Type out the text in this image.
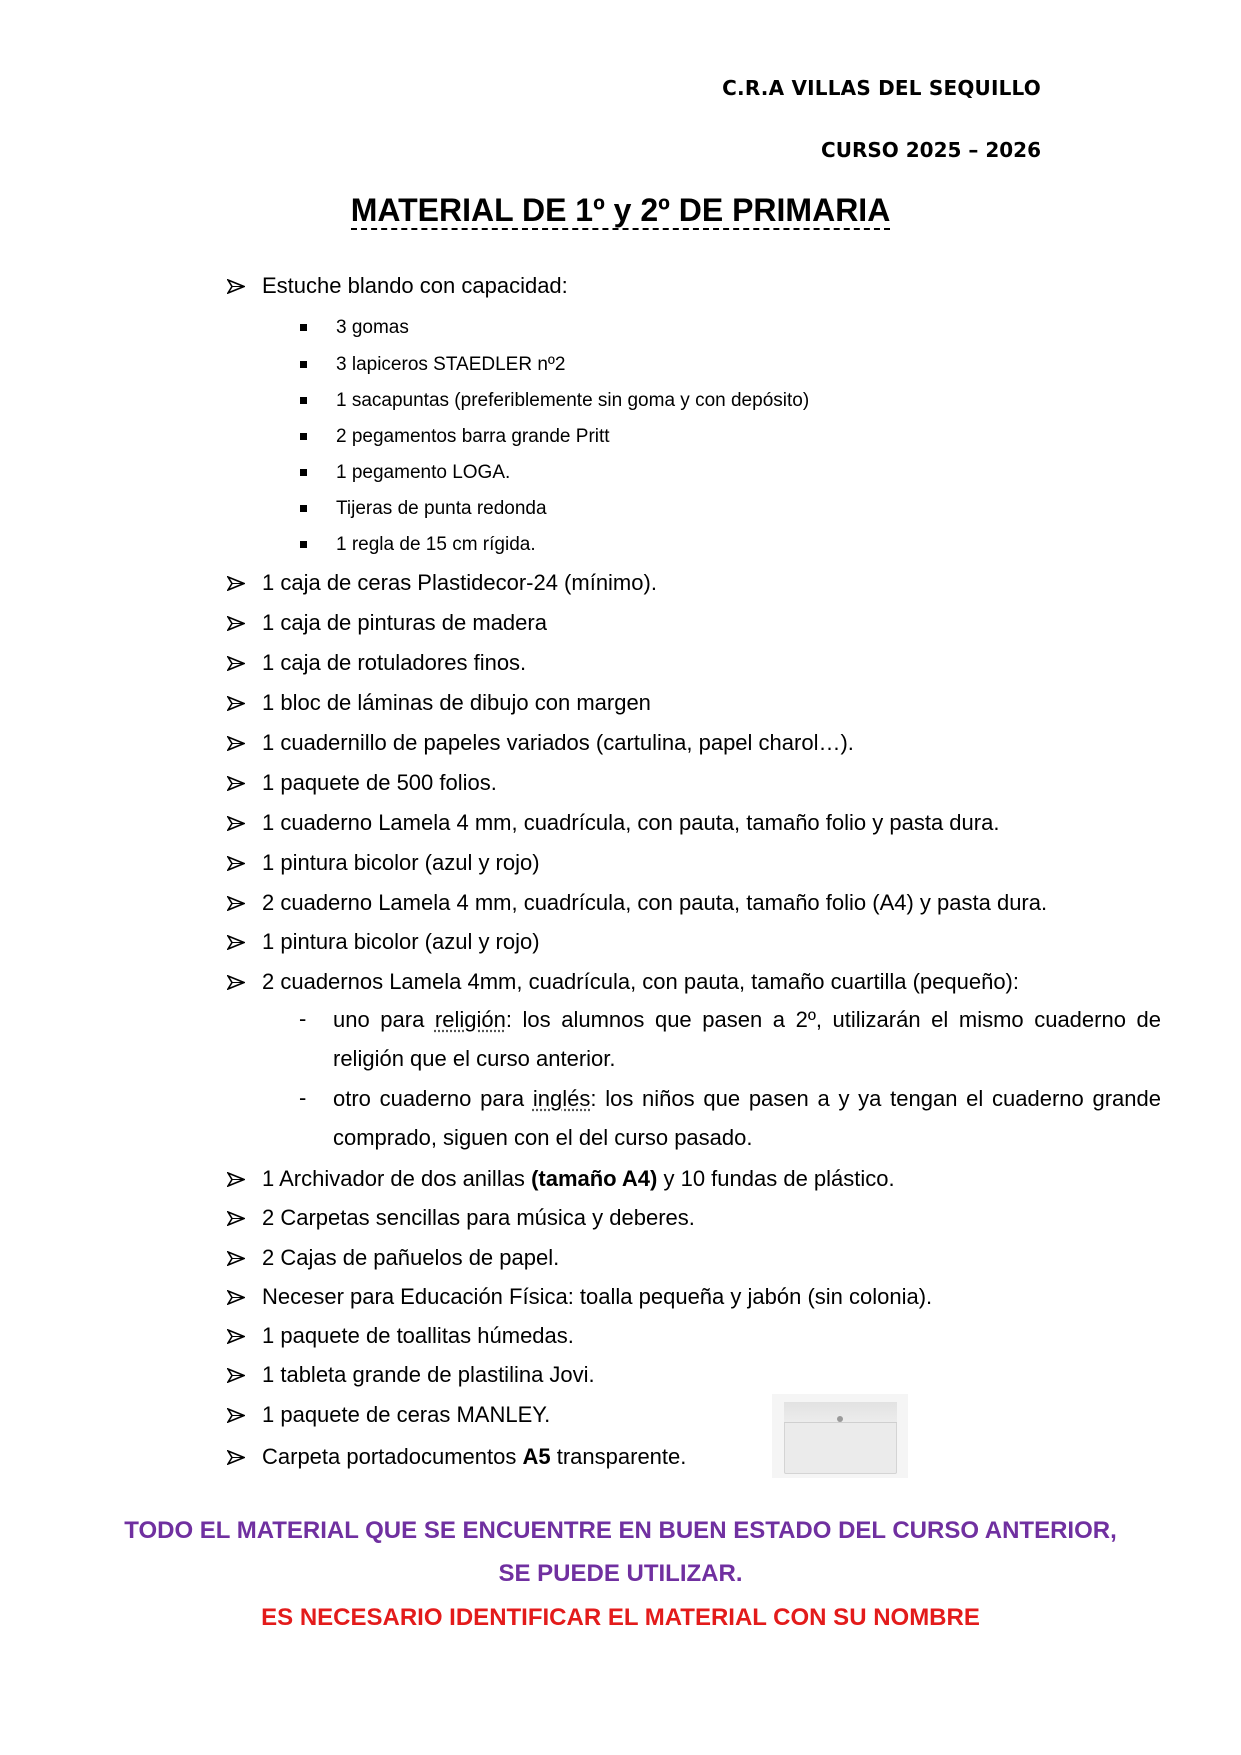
C.R.A VILLAS DEL SEQUILLO
CURSO 2025 – 2026
MATERIAL DE 1º y 2º DE PRIMARIA
Estuche blando con capacidad:
3 gomas
3 lapiceros STAEDLER nº2
1 sacapuntas (preferiblemente sin goma y con depósito)
2 pegamentos barra grande Pritt
1 pegamento LOGA.
Tijeras de punta redonda
1 regla de 15 cm rígida.
1 caja de ceras Plastidecor-24 (mínimo).
1 caja de pinturas de madera
1 caja de rotuladores finos.
1 bloc de láminas de dibujo con margen
1 cuadernillo de papeles variados (cartulina, papel charol…).
1 paquete de 500 folios.
1 cuaderno Lamela 4 mm, cuadrícula, con pauta, tamaño folio y pasta dura.
1 pintura bicolor (azul y rojo)
2 cuaderno Lamela 4 mm, cuadrícula, con pauta, tamaño folio (A4) y pasta dura.
1 pintura bicolor (azul y rojo)
2 cuadernos Lamela 4mm, cuadrícula, con pauta, tamaño cuartilla (pequeño):
- uno para religión: los alumnos que pasen a 2º, utilizarán el mismo cuaderno de religión que el curso anterior.
- otro cuaderno para inglés: los niños que pasen a y ya tengan el cuaderno grande comprado, siguen con el del curso pasado.
1 Archivador de dos anillas (tamaño A4) y 10 fundas de plástico.
2 Carpetas sencillas para música y deberes.
2 Cajas de pañuelos de papel.
Neceser para Educación Física: toalla pequeña y jabón (sin colonia).
1 paquete de toallitas húmedas.
1 tableta grande de plastilina Jovi.
1 paquete de ceras MANLEY.
Carpeta portadocumentos A5 transparente.
TODO EL MATERIAL QUE SE ENCUENTRE EN BUEN ESTADO DEL CURSO ANTERIOR,
SE PUEDE UTILIZAR.
ES NECESARIO IDENTIFICAR EL MATERIAL CON SU NOMBRE
